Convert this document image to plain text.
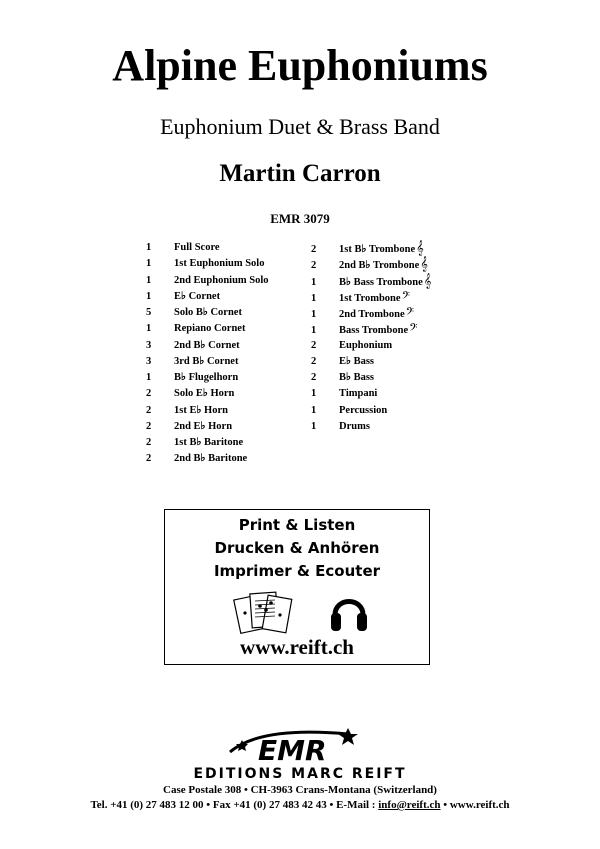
Alpine Euphoniums
Euphonium Duet & Brass Band
Martin Carron
EMR 3079
1 Full Score
1 1st Euphonium Solo
1 2nd Euphonium Solo
1 E♭ Cornet
5 Solo B♭ Cornet
1 Repiano Cornet
3 2nd B♭ Cornet
3 3rd B♭ Cornet
1 B♭ Flugelhorn
2 Solo E♭ Horn
2 1st E♭ Horn
2 2nd E♭ Horn
2 1st B♭ Baritone
2 2nd B♭ Baritone
2 1st B♭ Trombone𝄞
2 2nd B♭ Trombone𝄞
1 B♭ Bass Trombone𝄞
1 1st Trombone𝄢
1 2nd Trombone𝄢
1 Bass Trombone𝄢
2 Euphonium
2 E♭ Bass
2 B♭ Bass
1 Timpani
1 Percussion
1 Drums
Print & Listen
Drucken & Anhören
Imprimer & Ecouter
www.reift.ch
EMR
EDITIONS MARC REIFT
Case Postale 308 • CH-3963 Crans-Montana (Switzerland)
Tel. +41 (0) 27 483 12 00 • Fax +41 (0) 27 483 42 43 • E-Mail : info@reift.ch • www.reift.ch
